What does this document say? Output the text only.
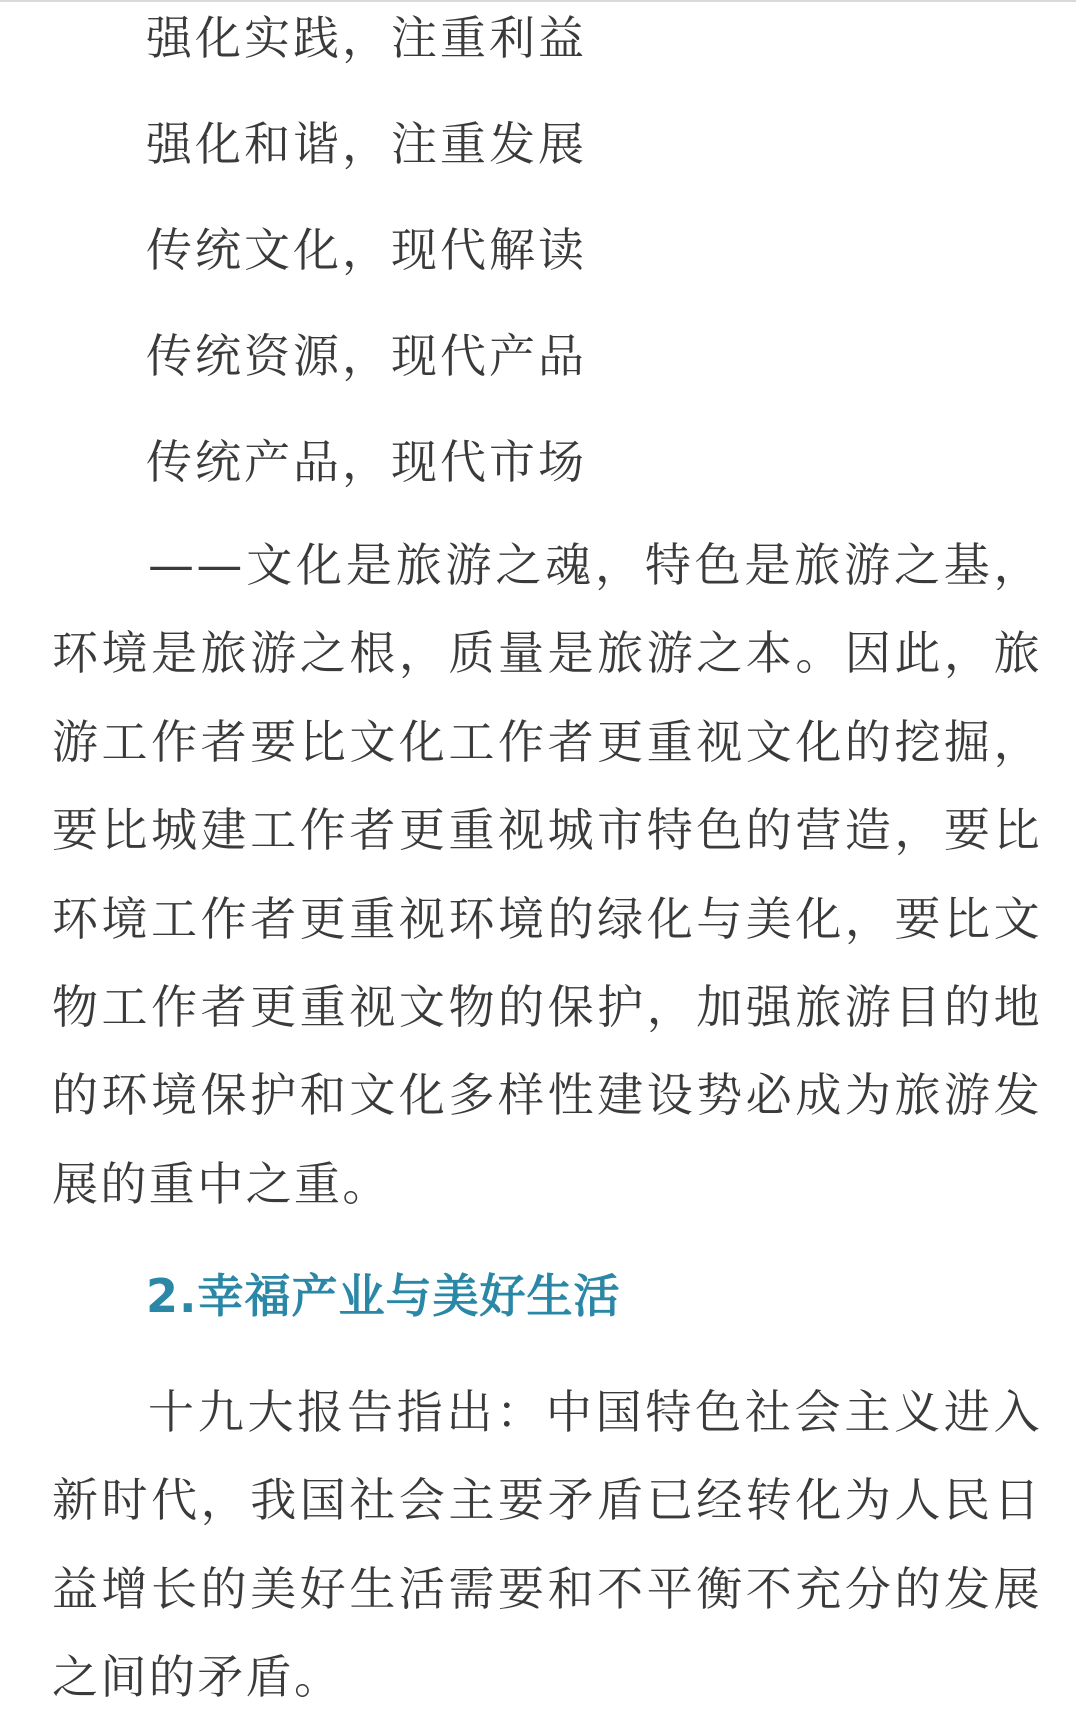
强化实践，注重利益
强化和谐，注重发展
传统文化，现代解读
传统资源，现代产品
传统产品，现代市场

——文化是旅游之魂，特色是旅游之基，环境是旅游之根，质量是旅游之本。因此，旅游工作者要比文化工作者更重视文化的挖掘，要比城建工作者更重视城市特色的营造，要比环境工作者更重视环境的绿化与美化，要比文物工作者更重视文物的保护，加强旅游目的地的环境保护和文化多样性建设势必成为旅游发展的重中之重。

2.幸福产业与美好生活

十九大报告指出：中国特色社会主义进入新时代，我国社会主要矛盾已经转化为人民日益增长的美好生活需要和不平衡不充分的发展之间的矛盾。
